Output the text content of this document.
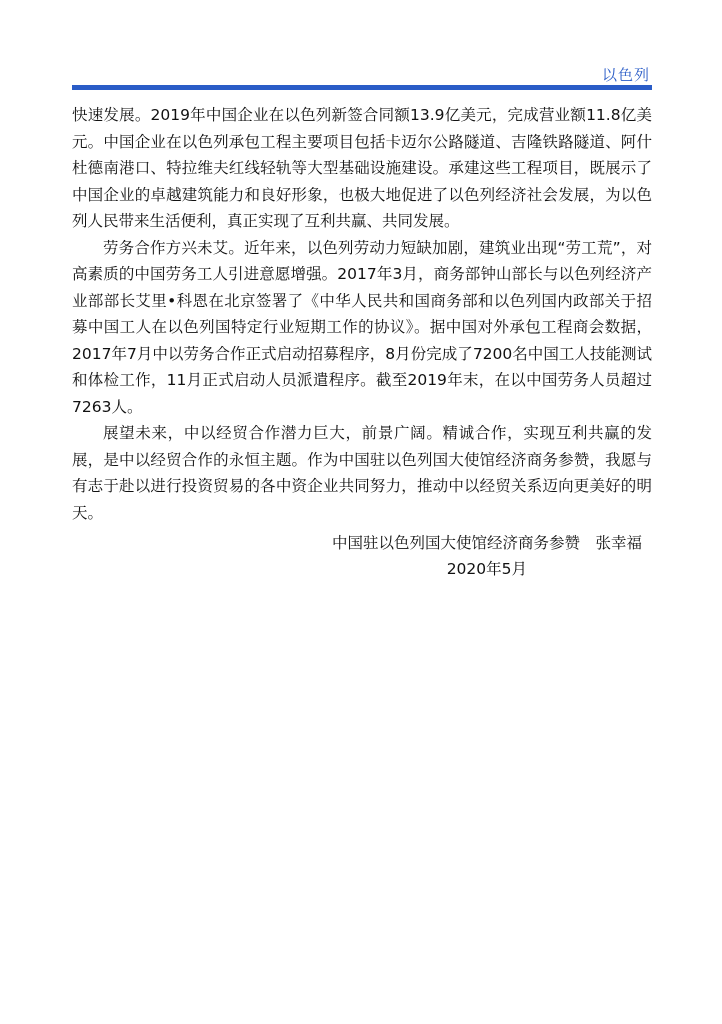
以色列

快速发展。2019年中国企业在以色列新签合同额13.9亿美元，完成营业额11.8亿美元。中国企业在以色列承包工程主要项目包括卡迈尔公路隧道、吉隆铁路隧道、阿什杜德南港口、特拉维夫红线轻轨等大型基础设施建设。承建这些工程项目，既展示了中国企业的卓越建筑能力和良好形象，也极大地促进了以色列经济社会发展，为以色列人民带来生活便利，真正实现了互利共赢、共同发展。

劳务合作方兴未艾。近年来，以色列劳动力短缺加剧，建筑业出现“劳工荒”，对高素质的中国劳务工人引进意愿增强。2017年3月，商务部钟山部长与以色列经济产业部部长艾里•科恩在北京签署了《中华人民共和国商务部和以色列国内政部关于招募中国工人在以色列国特定行业短期工作的协议》。据中国对外承包工程商会数据，2017年7月中以劳务合作正式启动招募程序，8月份完成了7200名中国工人技能测试和体检工作，11月正式启动人员派遣程序。截至2019年末，在以中国劳务人员超过7263人。

展望未来，中以经贸合作潜力巨大，前景广阔。精诚合作，实现互利共赢的发展，是中以经贸合作的永恒主题。作为中国驻以色列国大使馆经济商务参赞，我愿与有志于赴以进行投资贸易的各中资企业共同努力，推动中以经贸关系迈向更美好的明天。

中国驻以色列国大使馆经济商务参赞　张幸福
2020年5月
